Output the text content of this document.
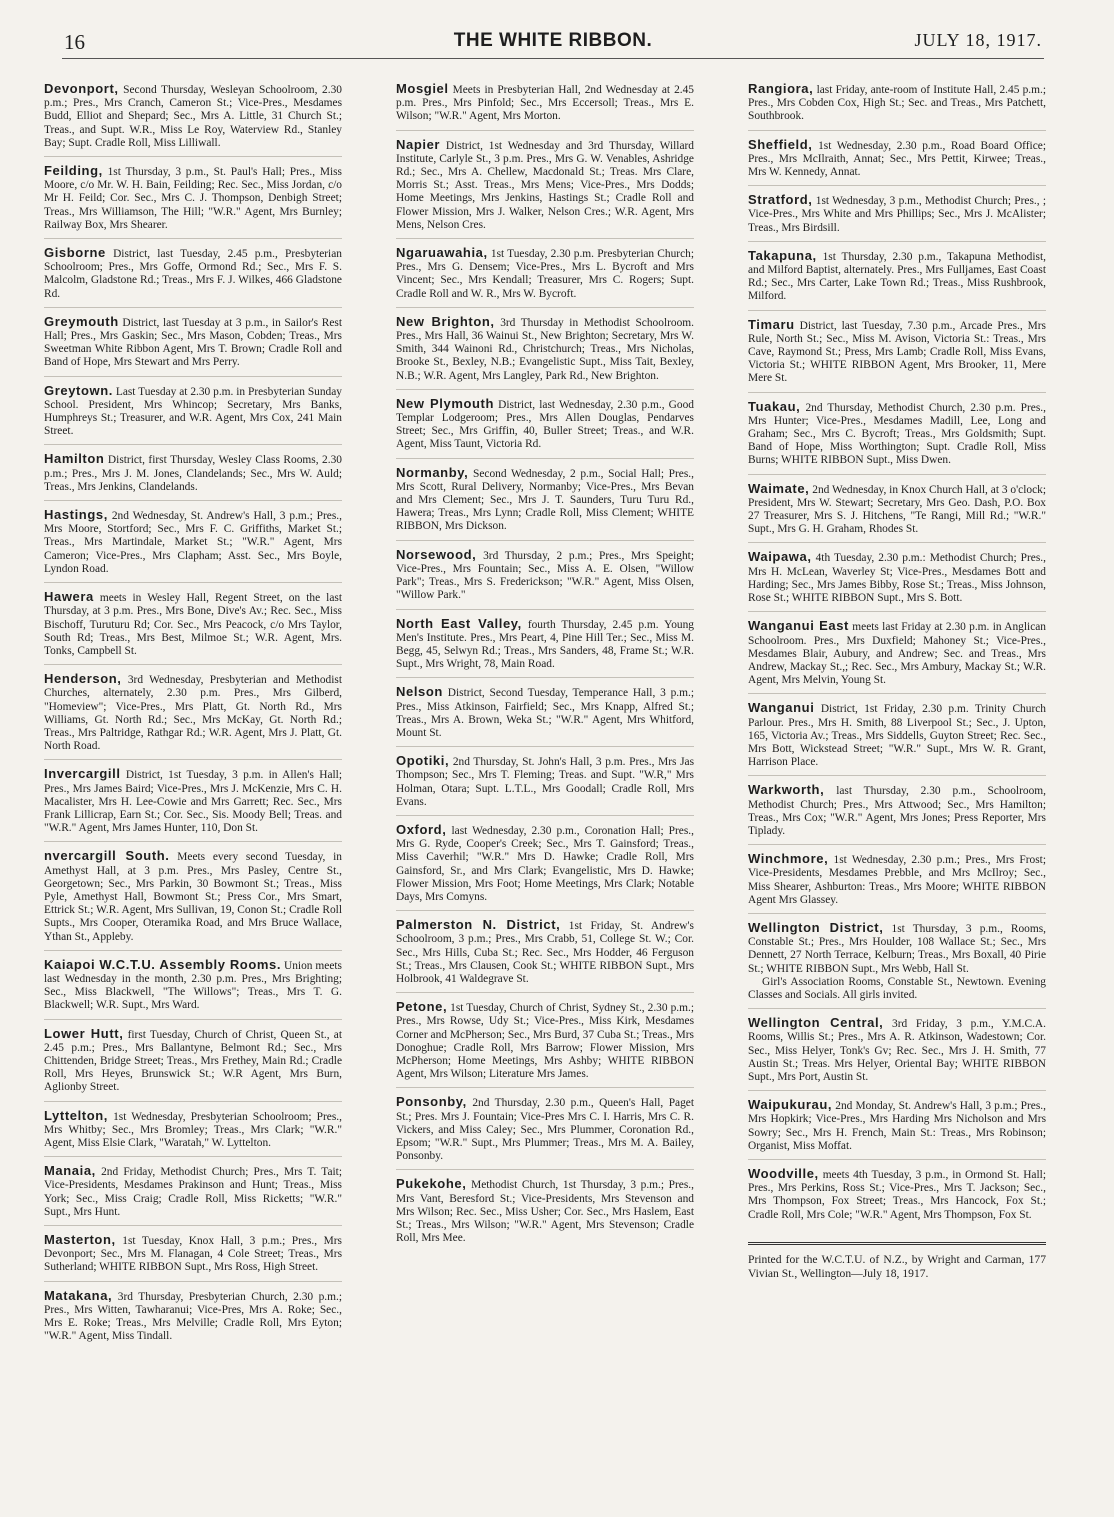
16	THE WHITE RIBBON.	JULY 18, 1917.
Devonport, Second Thursday, Wesleyan Schoolroom, 2.30 p.m.; Pres., Mrs Cranch, Cameron St.; Vice-Pres., Mesdames Budd, Elliot and Shepard; Sec., Mrs A. Little, 31 Church St.; Treas., and Supt. W.R., Miss Le Roy, Waterview Rd., Stanley Bay; Supt. Cradle Roll, Miss Lilliwall.
Feilding, 1st Thursday, 3 p.m., St. Paul's Hall; Pres., Miss Moore, c/o Mr. W. H. Bain, Feilding; Rec. Sec., Miss Jordan, c/o Mr H. Feild; Cor. Sec., Mrs C. J. Thompson, Denbigh Street; Treas., Mrs Williamson, The Hill; "W.R." Agent, Mrs Burnley; Railway Box, Mrs Shearer.
Gisborne District, last Tuesday, 2.45 p.m., Presbyterian Schoolroom; Pres., Mrs Goffe, Ormond Rd.; Sec., Mrs F. S. Malcolm, Gladstone Rd.; Treas., Mrs F. J. Wilkes, 466 Gladstone Rd.
Greymouth District, last Tuesday at 3 p.m., in Sailor's Rest Hall; Pres., Mrs Gaskin; Sec., Mrs Mason, Cobden; Treas., Mrs Sweetman White Ribbon Agent, Mrs T. Brown; Cradle Roll and Band of Hope, Mrs Stewart and Mrs Perry.
Greytown. Last Tuesday at 2.30 p.m. in Presbyterian Sunday School. President, Mrs Whincop; Secretary, Mrs Banks, Humphreys St.; Treasurer, and W.R. Agent, Mrs Cox, 241 Main Street.
Hamilton District, first Thursday, Wesley Class Rooms, 2.30 p.m.; Pres., Mrs J. M. Jones, Clandelands; Sec., Mrs W. Auld; Treas., Mrs Jenkins, Clandelands.
Hastings, 2nd Wednesday, St. Andrew's Hall, 3 p.m.; Pres., Mrs Moore, Stortford; Sec., Mrs F. C. Griffiths, Market St.; Treas., Mrs Martindale, Market St.; "W.R." Agent, Mrs Cameron; Vice-Pres., Mrs Clapham; Asst. Sec., Mrs Boyle, Lyndon Road.
Hawera meets in Wesley Hall, Regent Street, on the last Thursday, at 3 p.m. Pres., Mrs Bone, Dive's Av.; Rec. Sec., Miss Bischoff, Turuturu Rd; Cor. Sec., Mrs Peacock, c/o Mrs Taylor, South Rd; Treas., Mrs Best, Milmoe St.; W.R. Agent, Mrs. Tonks, Campbell St.
Henderson, 3rd Wednesday, Presbyterian and Methodist Churches, alternately, 2.30 p.m. Pres., Mrs Gilberd, "Homeview"; Vice-Pres., Mrs Platt, Gt. North Rd., Mrs Williams, Gt. North Rd.; Sec., Mrs McKay, Gt. North Rd.; Treas., Mrs Paltridge, Rathgar Rd.; W.R. Agent, Mrs J. Platt, Gt. North Road.
Invercargill District, 1st Tuesday, 3 p.m. in Allen's Hall; Pres., Mrs James Baird; Vice-Pres., Mrs J. McKenzie, Mrs C. H. Macalister, Mrs H. Lee-Cowie and Mrs Garrett; Rec. Sec., Mrs Frank Lillicrap, Earn St.; Cor. Sec., Sis. Moody Bell; Treas. and "W.R." Agent, Mrs James Hunter, 110, Don St.
nvercargill South. Meets every second Tuesday, in Amethyst Hall, at 3 p.m. Pres., Mrs Pasley, Centre St., Georgetown; Sec., Mrs Parkin, 30 Bowmont St.; Treas., Miss Pyle, Amethyst Hall, Bowmont St.; Press Cor., Mrs Smart, Ettrick St.; W.R. Agent, Mrs Sullivan, 19, Conon St.; Cradle Roll Supts., Mrs Cooper, Oteramika Road, and Mrs Bruce Wallace, Ythan St., Appleby.
Kaiapoi W.C.T.U. Assembly Rooms. Union meets last Wednesday in the month, 2.30 p.m. Pres., Mrs Brighting; Sec., Miss Blackwell, "The Willows"; Treas., Mrs T. G. Blackwell; W.R. Supt., Mrs Ward.
Lower Hutt, first Tuesday, Church of Christ, Queen St., at 2.45 p.m.; Pres., Mrs Ballantyne, Belmont Rd.; Sec., Mrs Chittenden, Bridge Street; Treas., Mrs Frethey, Main Rd.; Cradle Roll, Mrs Heyes, Brunswick St.; W.R Agent, Mrs Burn, Aglionby Street.
Lyttelton, 1st Wednesday, Presbyterian Schoolroom; Pres., Mrs Whitby; Sec., Mrs Bromley; Treas., Mrs Clark; "W.R." Agent, Miss Elsie Clark, "Waratah," W. Lyttelton.
Manaia, 2nd Friday, Methodist Church; Pres., Mrs T. Tait; Vice-Presidents, Mesdames Prakinson and Hunt; Treas., Miss York; Sec., Miss Craig; Cradle Roll, Miss Ricketts; "W.R." Supt., Mrs Hunt.
Masterton, 1st Tuesday, Knox Hall, 3 p.m.; Pres., Mrs Devonport; Sec., Mrs M. Flanagan, 4 Cole Street; Treas., Mrs Sutherland; WHITE RIBBON Supt., Mrs Ross, High Street.
Matakana, 3rd Thursday, Presbyterian Church, 2.30 p.m.; Pres., Mrs Witten, Tawharanui; Vice-Pres, Mrs A. Roke; Sec., Mrs E. Roke; Treas., Mrs Melville; Cradle Roll, Mrs Eyton; "W.R." Agent, Miss Tindall.
Mosgiel Meets in Presbyterian Hall, 2nd Wednesday at 2.45 p.m. Pres., Mrs Pinfold; Sec., Mrs Eccersoll; Treas., Mrs E. Wilson; "W.R." Agent, Mrs Morton.
Napier District, 1st Wednesday and 3rd Thursday, Willard Institute, Carlyle St., 3 p.m. Pres., Mrs G. W. Venables, Ashridge Rd.; Sec., Mrs A. Chellew, Macdonald St.; Treas. Mrs Clare, Morris St.; Asst. Treas., Mrs Mens; Vice-Pres., Mrs Dodds; Home Meetings, Mrs Jenkins, Hastings St.; Cradle Roll and Flower Mission, Mrs J. Walker, Nelson Cres.; W.R. Agent, Mrs Mens, Nelson Cres.
Ngaruawahia, 1st Tuesday, 2.30 p.m. Presbyterian Church; Pres., Mrs G. Densem; Vice-Pres., Mrs L. Bycroft and Mrs Vincent; Sec., Mrs Kendall; Treasurer, Mrs C. Rogers; Supt. Cradle Roll and W. R., Mrs W. Bycroft.
New Brighton, 3rd Thursday in Methodist Schoolroom. Pres., Mrs Hall, 36 Wainui St., New Brighton; Secretary, Mrs W. Smith, 344 Wainoni Rd., Christchurch; Treas., Mrs Nicholas, Brooke St., Bexley, N.B.; Evangelistic Supt., Miss Tait, Bexley, N.B.; W.R. Agent, Mrs Langley, Park Rd., New Brighton.
New Plymouth District, last Wednesday, 2.30 p.m., Good Templar Lodgeroom; Pres., Mrs Allen Douglas, Pendarves Street; Sec., Mrs Griffin, 40, Buller Street; Treas., and W.R. Agent, Miss Taunt, Victoria Rd.
Normanby, Second Wednesday, 2 p.m., Social Hall; Pres., Mrs Scott, Rural Delivery, Normanby; Vice-Pres., Mrs Bevan and Mrs Clement; Sec., Mrs J. T. Saunders, Turu Turu Rd., Hawera; Treas., Mrs Lynn; Cradle Roll, Miss Clement; WHITE RIBBON, Mrs Dickson.
Norsewood, 3rd Thursday, 2 p.m.; Pres., Mrs Speight; Vice-Pres., Mrs Fountain; Sec., Miss A. E. Olsen, "Willow Park"; Treas., Mrs S. Frederickson; "W.R." Agent, Miss Olsen, "Willow Park."
North East Valley, fourth Thursday, 2.45 p.m. Young Men's Institute. Pres., Mrs Peart, 4, Pine Hill Ter.; Sec., Miss M. Begg, 45, Selwyn Rd.; Treas., Mrs Sanders, 48, Frame St.; W.R. Supt., Mrs Wright, 78, Main Road.
Nelson District, Second Tuesday, Temperance Hall, 3 p.m.; Pres., Miss Atkinson, Fairfield; Sec., Mrs Knapp, Alfred St.; Treas., Mrs A. Brown, Weka St.; "W.R." Agent, Mrs Whitford, Mount St.
Opotiki, 2nd Thursday, St. John's Hall, 3 p.m. Pres., Mrs Jas Thompson; Sec., Mrs T. Fleming; Treas. and Supt. "W.R," Mrs Holman, Otara; Supt. L.T.L., Mrs Goodall; Cradle Roll, Mrs Evans.
Oxford, last Wednesday, 2.30 p.m., Coronation Hall; Pres., Mrs G. Ryde, Cooper's Creek; Sec., Mrs T. Gainsford; Treas., Miss Caverhil; "W.R." Mrs D. Hawke; Cradle Roll, Mrs Gainsford, Sr., and Mrs Clark; Evangelistic, Mrs D. Hawke; Flower Mission, Mrs Foot; Home Meetings, Mrs Clark; Notable Days, Mrs Comyns.
Palmerston N. District, 1st Friday, St. Andrew's Schoolroom, 3 p.m.; Pres., Mrs Crabb, 51, College St. W.; Cor. Sec., Mrs Hills, Cuba St.; Rec. Sec., Mrs Hodder, 46 Ferguson St.; Treas., Mrs Clausen, Cook St.; WHITE RIBBON Supt., Mrs Holbrook, 41 Waldegrave St.
Petone, 1st Tuesday, Church of Christ, Sydney St., 2.30 p.m.; Pres., Mrs Rowse, Udy St.; Vice-Pres., Miss Kirk, Mesdames Corner and McPherson; Sec., Mrs Burd, 37 Cuba St.; Treas., Mrs Donoghue; Cradle Roll, Mrs Barrow; Flower Mission, Mrs McPherson; Home Meetings, Mrs Ashby; WHITE RIBBON Agent, Mrs Wilson; Literature Mrs James.
Ponsonby, 2nd Thursday, 2.30 p.m., Queen's Hall, Paget St.; Pres. Mrs J. Fountain; Vice-Pres Mrs C. I. Harris, Mrs C. R. Vickers, and Miss Caley; Sec., Mrs Plummer, Coronation Rd., Epsom; "W.R." Supt., Mrs Plummer; Treas., Mrs M. A. Bailey, Ponsonby.
Pukekohe, Methodist Church, 1st Thursday, 3 p.m.; Pres., Mrs Vant, Beresford St.; Vice-Presidents, Mrs Stevenson and Mrs Wilson; Rec. Sec., Miss Usher; Cor. Sec., Mrs Haslem, East St.; Treas., Mrs Wilson; "W.R." Agent, Mrs Stevenson; Cradle Roll, Mrs Mee.
Rangiora, last Friday, ante-room of Institute Hall, 2.45 p.m.; Pres., Mrs Cobden Cox, High St.; Sec. and Treas., Mrs Patchett, Southbrook.
Sheffield, 1st Wednesday, 2.30 p.m., Road Board Office; Pres., Mrs McIlraith, Annat; Sec., Mrs Pettit, Kirwee; Treas., Mrs W. Kennedy, Annat.
Stratford, 1st Wednesday, 3 p.m., Methodist Church; Pres., ; Vice-Pres., Mrs White and Mrs Phillips; Sec., Mrs J. McAlister; Treas., Mrs Birdsill.
Takapuna, 1st Thursday, 2.30 p.m., Takapuna Methodist, and Milford Baptist, alternately. Pres., Mrs Fulljames, East Coast Rd.; Sec., Mrs Carter, Lake Town Rd.; Treas., Miss Rushbrook, Milford.
Timaru District, last Tuesday, 7.30 p.m., Arcade Pres., Mrs Rule, North St.; Sec., Miss M. Avison, Victoria St.: Treas., Mrs Cave, Raymond St.; Press, Mrs Lamb; Cradle Roll, Miss Evans, Victoria St.; WHITE RIBBON Agent, Mrs Brooker, 11, Mere Mere St.
Tuakau, 2nd Thursday, Methodist Church, 2.30 p.m. Pres., Mrs Hunter; Vice-Pres., Mesdames Madill, Lee, Long and Graham; Sec., Mrs C. Bycroft; Treas., Mrs Goldsmith; Supt. Band of Hope, Miss Worthington; Supt. Cradle Roll, Miss Burns; WHITE RIBBON Supt., Miss Dwen.
Waimate, 2nd Wednesday, in Knox Church Hall, at 3 o'clock; President, Mrs W. Stewart; Secretary, Mrs Geo. Dash, P.O. Box 27 Treasurer, Mrs S. J. Hitchens, "Te Rangi, Mill Rd.; "W.R." Supt., Mrs G. H. Graham, Rhodes St.
Waipawa, 4th Tuesday, 2.30 p.m.: Methodist Church; Pres., Mrs H. McLean, Waverley St; Vice-Pres., Mesdames Bott and Harding; Sec., Mrs James Bibby, Rose St.; Treas., Miss Johnson, Rose St.; WHITE RIBBON Supt., Mrs S. Bott.
Wanganui East meets last Friday at 2.30 p.m. in Anglican Schoolroom. Pres., Mrs Duxfield; Mahoney St.; Vice-Pres., Mesdames Blair, Aubury, and Andrew; Sec. and Treas., Mrs Andrew, Mackay St.,; Rec. Sec., Mrs Ambury, Mackay St.; W.R. Agent, Mrs Melvin, Young St.
Wanganui District, 1st Friday, 2.30 p.m. Trinity Church Parlour. Pres., Mrs H. Smith, 88 Liverpool St.; Sec., J. Upton, 165, Victoria Av.; Treas., Mrs Siddells, Guyton Street; Rec. Sec., Mrs Bott, Wickstead Street; "W.R." Supt., Mrs W. R. Grant, Harrison Place.
Warkworth, last Thursday, 2.30 p.m., Schoolroom, Methodist Church; Pres., Mrs Attwood; Sec., Mrs Hamilton; Treas., Mrs Cox; "W.R." Agent, Mrs Jones; Press Reporter, Mrs Tiplady.
Winchmore, 1st Wednesday, 2.30 p.m.; Pres., Mrs Frost; Vice-Presidents, Mesdames Prebble, and Mrs McIlroy; Sec., Miss Shearer, Ashburton: Treas., Mrs Moore; WHITE RIBBON Agent Mrs Glassey.
Wellington District, 1st Thursday, 3 p.m., Rooms, Constable St.; Pres., Mrs Houlder, 108 Wallace St.; Sec., Mrs Dennett, 27 North Terrace, Kelburn; Treas., Mrs Boxall, 40 Pirie St.; WHITE RIBBON Supt., Mrs Webb, Hall St.
Girl's Association Rooms, Constable St., Newtown. Evening Classes and Socials. All girls invited.
Wellington Central, 3rd Friday, 3 p.m., Y.M.C.A. Rooms, Willis St.; Pres., Mrs A. R. Atkinson, Wadestown; Cor. Sec., Miss Helyer, Tonk's Gv; Rec. Sec., Mrs J. H. Smith, 77 Austin St.; Treas. Mrs Helyer, Oriental Bay; WHITE RIBBON Supt., Mrs Port, Austin St.
Waipukurau, 2nd Monday, St. Andrew's Hall, 3 p.m.; Pres., Mrs Hopkirk; Vice-Pres., Mrs Harding Mrs Nicholson and Mrs Sowry; Sec., Mrs H. French, Main St.: Treas., Mrs Robinson; Organist, Miss Moffat.
Woodville, meets 4th Tuesday, 3 p.m., in Ormond St. Hall; Pres., Mrs Perkins, Ross St.; Vice-Pres., Mrs T. Jackson; Sec., Mrs Thompson, Fox Street; Treas., Mrs Hancock, Fox St.; Cradle Roll, Mrs Cole; "W.R." Agent, Mrs Thompson, Fox St.
Printed for the W.C.T.U. of N.Z., by Wright and Carman, 177 Vivian St., Wellington—July 18, 1917.
